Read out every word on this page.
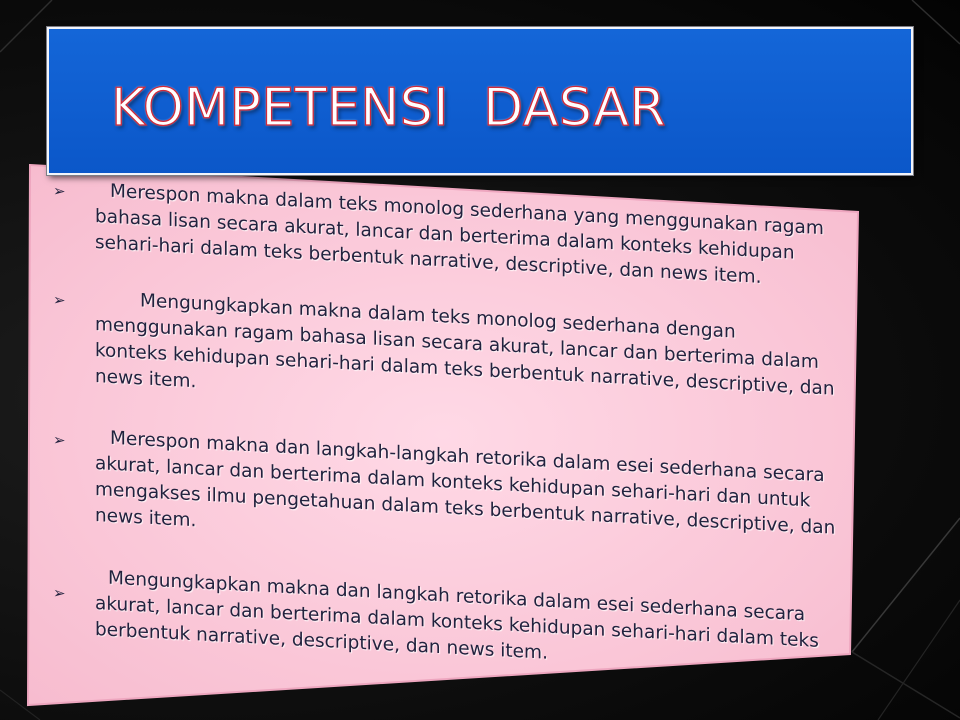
KOMPETENSI  DASAR
➢

Merespon makna dalam teks monolog sederhana yang menggunakan ragam bahasa lisan secara akurat, lancar dan berterima dalam konteks kehidupan sehari-hari dalam teks berbentuk narrative, descriptive, dan news item.

➢

Mengungkapkan makna dalam teks monolog sederhana dengan menggunakan ragam bahasa lisan secara akurat, lancar dan berterima dalam konteks kehidupan sehari-hari dalam teks berbentuk narrative, descriptive, dan news item.

➢

Merespon makna dan langkah-langkah retorika dalam esei sederhana secara akurat, lancar dan berterima dalam konteks kehidupan sehari-hari dan untuk mengakses ilmu pengetahuan dalam teks berbentuk narrative, descriptive, dan news item.

➢

Mengungkapkan makna dan langkah retorika dalam esei sederhana secara akurat, lancar dan berterima dalam konteks kehidupan sehari-hari dalam teks berbentuk narrative, descriptive, dan news item.
